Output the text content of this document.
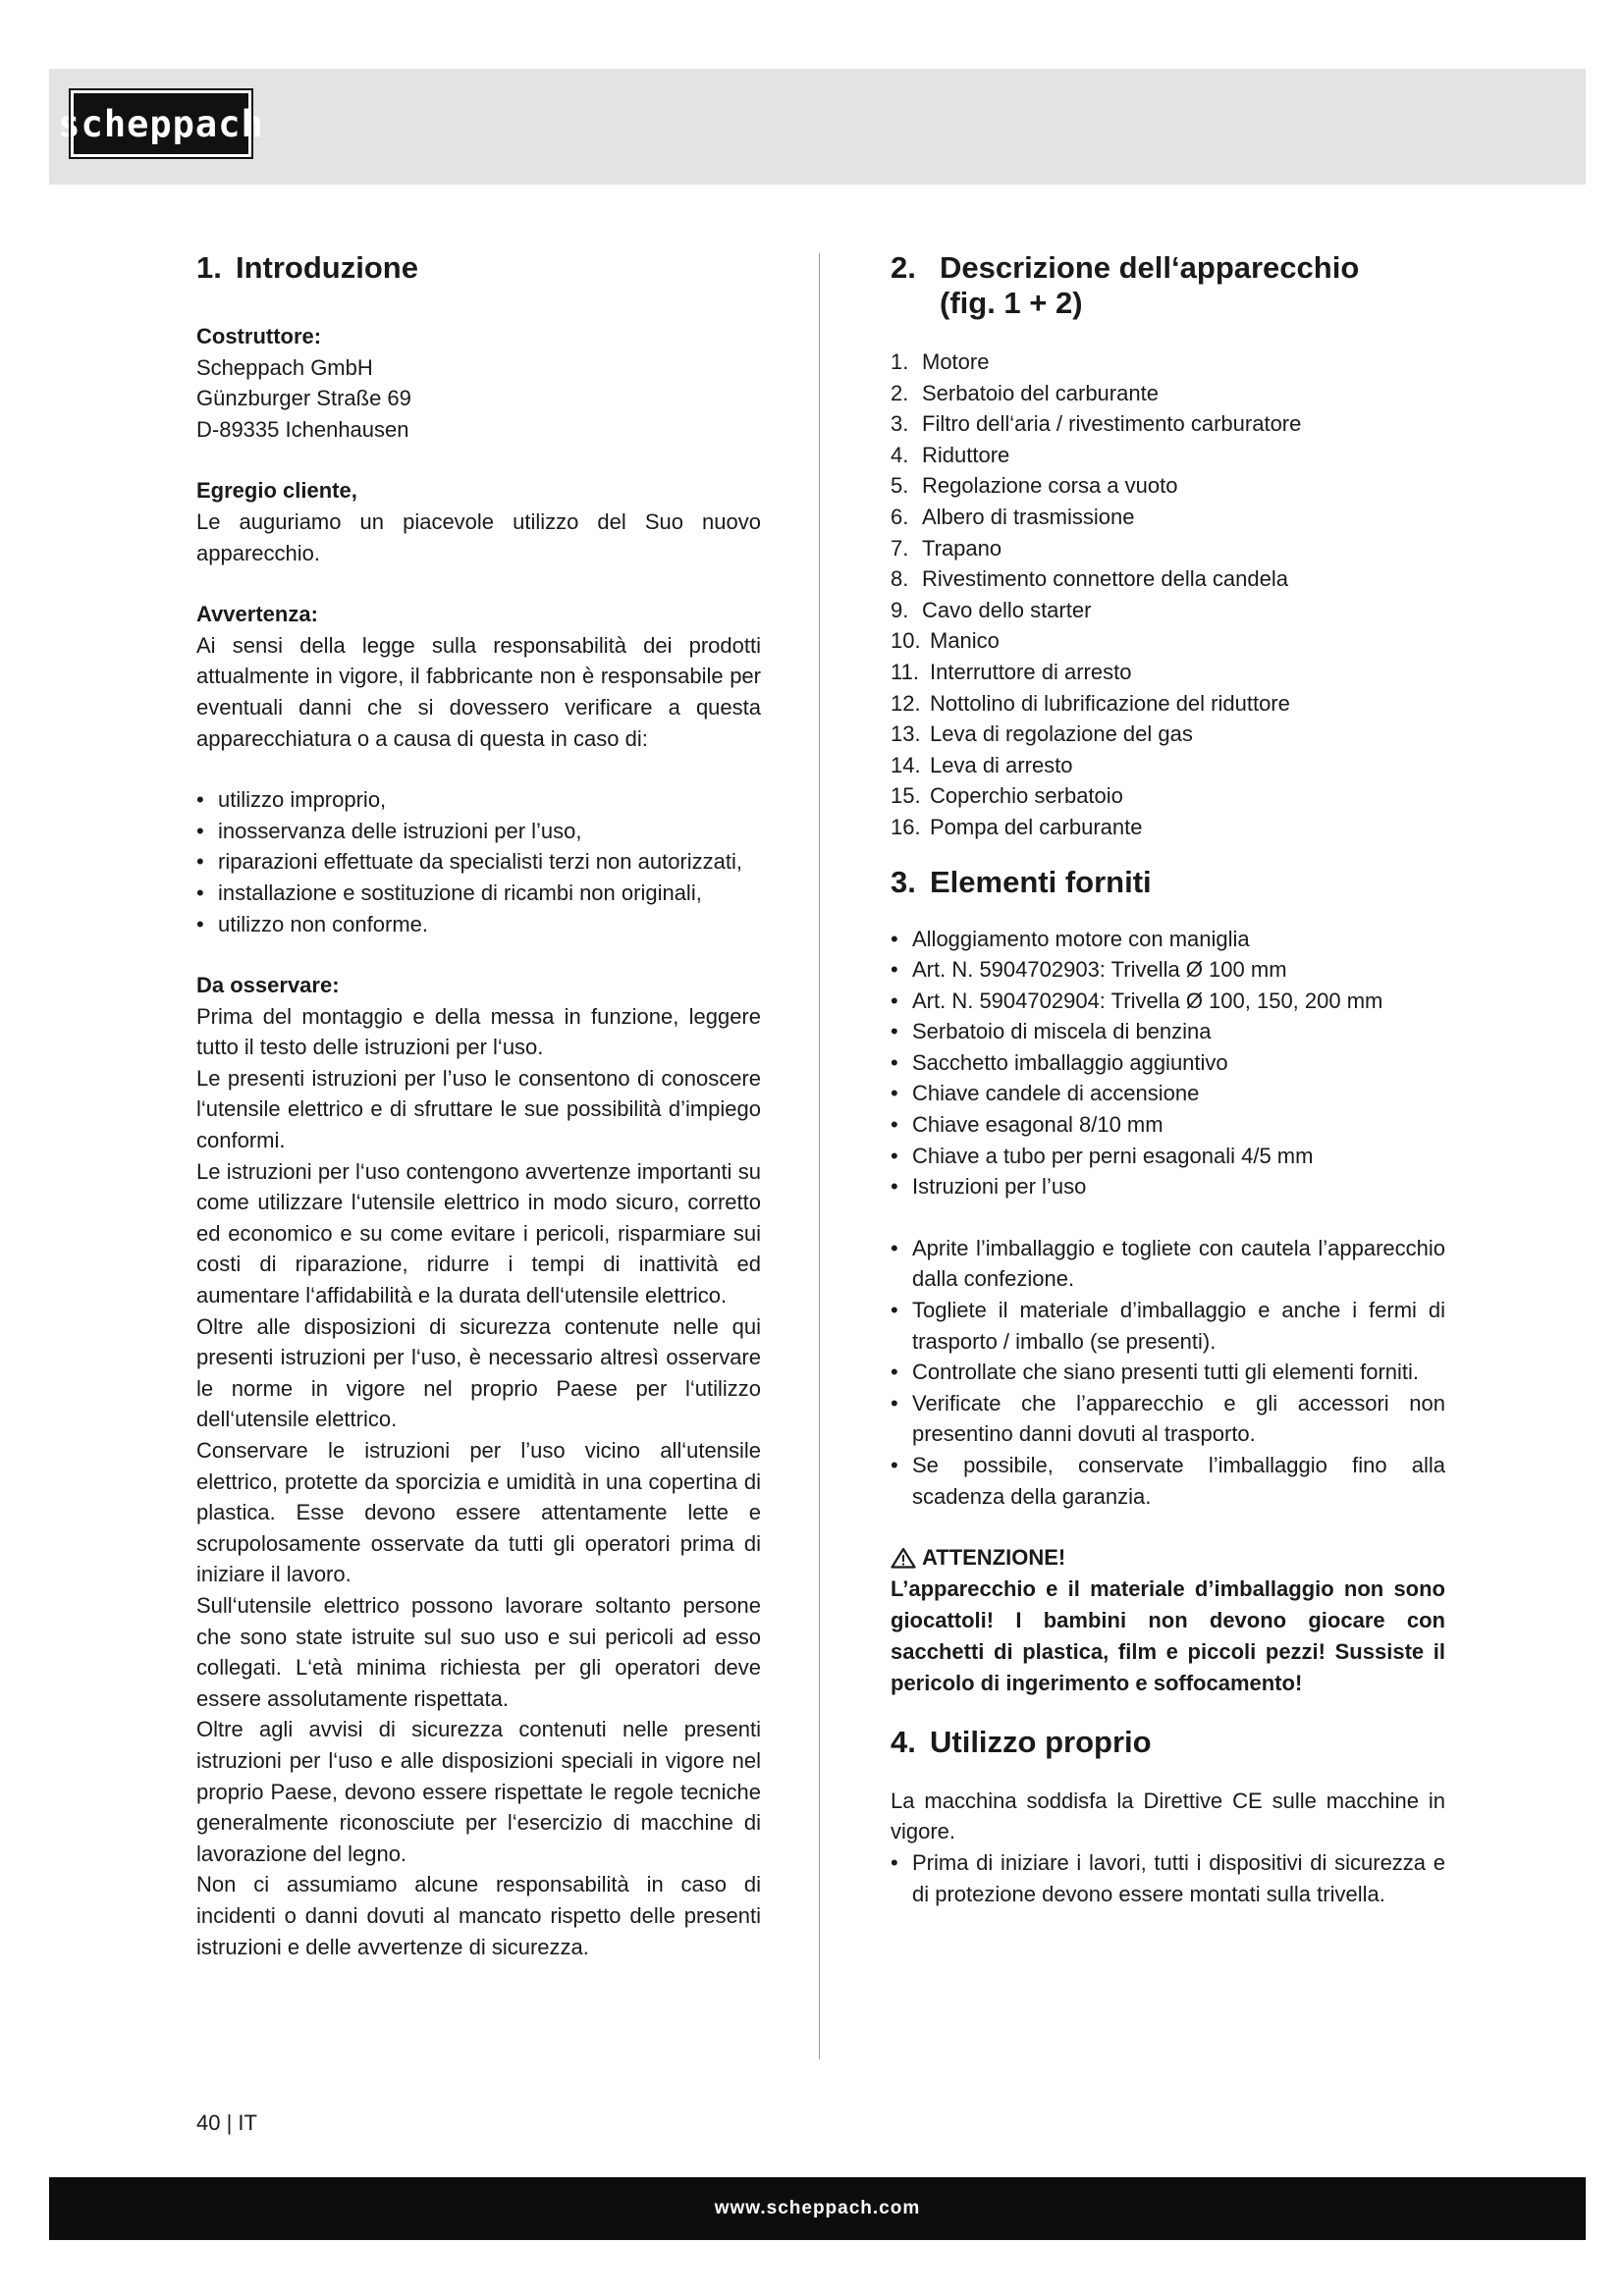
scheppach
1. Introduzione
Costruttore:
Scheppach GmbH
Günzburger Straße 69
D-89335 Ichenhausen
Egregio cliente,

Le auguriamo un piacevole utilizzo del Suo nuovo apparecchio.

Avvertenza:

Ai sensi della legge sulla responsabilità dei prodotti attualmente in vigore, il fabbricante non è responsabile per eventuali danni che si dovessero verificare a questa apparecchiatura o a causa di questa in caso di:

• utilizzo improprio,
• inosservanza delle istruzioni per l’uso,
• riparazioni effettuate da specialisti terzi non autorizzati,
• installazione e sostituzione di ricambi non originali,
• utilizzo non conforme.
Da osservare:

Prima del montaggio e della messa in funzione, leggere tutto il testo delle istruzioni per l‘uso.

Le presenti istruzioni per l’uso le consentono di conoscere l‘utensile elettrico e di sfruttare le sue possibilità d’impiego conformi.

Le istruzioni per l‘uso contengono avvertenze importanti su come utilizzare l‘utensile elettrico in modo sicuro, corretto ed economico e su come evitare i pericoli, risparmiare sui costi di riparazione, ridurre i tempi di inattività ed aumentare l‘affidabilità e la durata dell‘utensile elettrico.

Oltre alle disposizioni di sicurezza contenute nelle qui presenti istruzioni per l‘uso, è necessario altresì osservare le norme in vigore nel proprio Paese per l‘utilizzo dell‘utensile elettrico.

Conservare le istruzioni per l’uso vicino all‘utensile elettrico, protette da sporcizia e umidità in una copertina di plastica. Esse devono essere attentamente lette e scrupolosamente osservate da tutti gli operatori prima di iniziare il lavoro.

Sull‘utensile elettrico possono lavorare soltanto persone che sono state istruite sul suo uso e sui pericoli ad esso collegati. L‘età minima richiesta per gli operatori deve essere assolutamente rispettata.

Oltre agli avvisi di sicurezza contenuti nelle presenti istruzioni per l‘uso e alle disposizioni speciali in vigore nel proprio Paese, devono essere rispettate le regole tecniche generalmente riconosciute per l‘esercizio di macchine di lavorazione del legno.

Non ci assumiamo alcune responsabilità in caso di incidenti o danni dovuti al mancato rispetto delle presenti istruzioni e delle avvertenze di sicurezza.

2. Descrizione dell‘apparecchio
(fig. 1 + 2)
1. Motore
2. Serbatoio del carburante
3. Filtro dell‘aria / rivestimento carburatore
4. Riduttore
5. Regolazione corsa a vuoto
6. Albero di trasmissione
7. Trapano
8. Rivestimento connettore della candela
9. Cavo dello starter
10. Manico
11. Interruttore di arresto
12. Nottolino di lubrificazione del riduttore
13. Leva di regolazione del gas
14. Leva di arresto
15. Coperchio serbatoio
16. Pompa del carburante
3. Elementi forniti
• Alloggiamento motore con maniglia
• Art. N. 5904702903: Trivella Ø 100 mm
• Art. N. 5904702904: Trivella Ø 100, 150, 200 mm
• Serbatoio di miscela di benzina
• Sacchetto imballaggio aggiuntivo
• Chiave candele di accensione
• Chiave esagonal 8/10 mm
• Chiave a tubo per perni esagonali 4/5 mm
• Istruzioni per l’uso
• Aprite l’imballaggio e togliete con cautela l’apparecchio dalla confezione.
• Togliete il materiale d’imballaggio e anche i fermi di trasporto / imballo (se presenti).
• Controllate che siano presenti tutti gli elementi forniti.
• Verificate che l’apparecchio e gli accessori non presentino danni dovuti al trasporto.
• Se possibile, conservate l’imballaggio fino alla scadenza della garanzia.
ATTENZIONE!

L’apparecchio e il materiale d’imballaggio non sono giocattoli! I bambini non devono giocare con sacchetti di plastica, film e piccoli pezzi! Sussiste il pericolo di ingerimento e soffocamento!

4. Utilizzo proprio

La macchina soddisfa la Direttive CE sulle macchine in vigore.

• Prima di iniziare i lavori, tutti i dispositivi di sicurezza e di protezione devono essere montati sulla trivella.
40 | IT
www.scheppach.com
